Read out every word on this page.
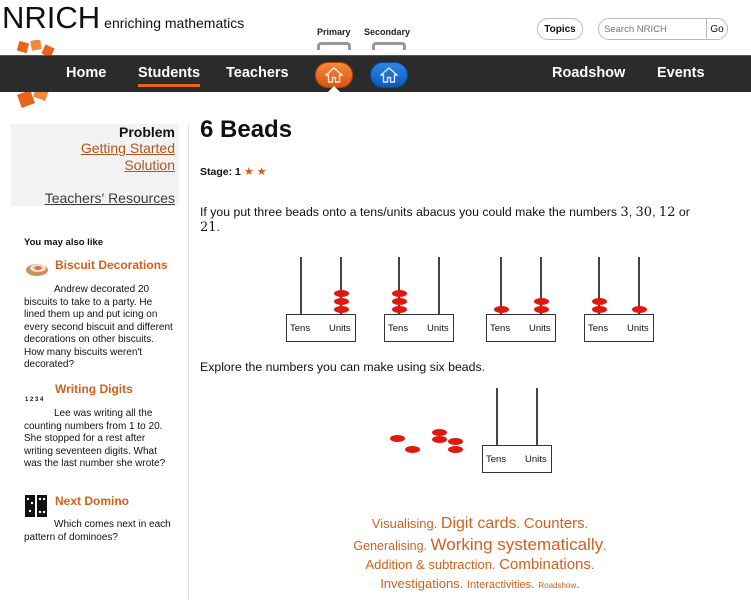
NRICH enriching mathematics
Primary Secondary	Topics
Search NRICH	Go
Home Students Teachers	Roadshow Events
Problem
Getting Started
Solution
Teachers' Resources
You may also like
Biscuit Decorations
Andrew decorated 20 biscuits to take to a party. He lined them up and put icing on every second biscuit and different decorations on other biscuits. How many biscuits weren't decorated?
1 2 3 4
Writing Digits
Lee was writing all the counting numbers from 1 to 20. She stopped for a rest after writing seventeen digits. What was the last number she wrote?
Next Domino
Which comes next in each pattern of dominoes?
6 Beads
Stage: 1 ★ ★
If you put three beads onto a tens/units abacus you could make the numbers 3, 30, 12 or
21.
Tens Units	Tens Units	Tens Units	Tens Units
Explore the numbers you can make using six beads.
Tens Units
Visualising. Digit cards. Counters.
Generalising. Working systematically.
Addition & subtraction. Combinations.
Investigations. Interactivities. Roadshow.
